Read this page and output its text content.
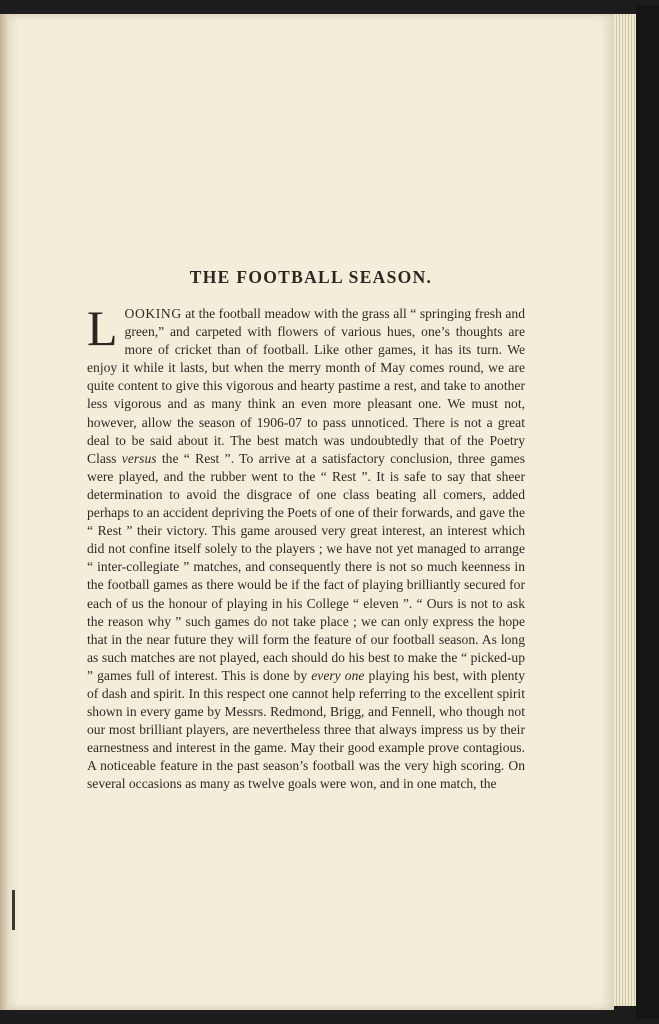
THE FOOTBALL SEASON.

LOOKING at the football meadow with the grass all “ springing fresh and green,” and carpeted with flowers of various hues, one’s thoughts are more of cricket than of football. Like other games, it has its turn. We enjoy it while it lasts, but when the merry month of May comes round, we are quite content to give this vigorous and hearty pastime a rest, and take to another less vigorous and as many think an even more pleasant one. We must not, however, allow the season of 1906-07 to pass unnoticed. There is not a great deal to be said about it. The best match was undoubtedly that of the Poetry Class versus the “ Rest ”. To arrive at a satisfactory conclusion, three games were played, and the rubber went to the “ Rest ”. It is safe to say that sheer determination to avoid the disgrace of one class beating all comers, added perhaps to an accident depriving the Poets of one of their forwards, and gave the “ Rest ” their victory. This game aroused very great interest, an interest which did not confine itself solely to the players ; we have not yet managed to arrange “ inter-collegiate ” matches, and consequently there is not so much keenness in the football games as there would be if the fact of playing brilliantly secured for each of us the honour of playing in his College “ eleven ”. “ Ours is not to ask the reason why ” such games do not take place ; we can only express the hope that in the near future they will form the feature of our football season. As long as such matches are not played, each should do his best to make the “ picked-up ” games full of interest. This is done by every one playing his best, with plenty of dash and spirit. In this respect one cannot help referring to the excellent spirit shown in every game by Messrs. Redmond, Brigg, and Fennell, who though not our most brilliant players, are nevertheless three that always impress us by their earnestness and interest in the game. May their good example prove contagious. A noticeable feature in the past season’s football was the very high scoring. On several occasions as many as twelve goals were won, and in one match, the
